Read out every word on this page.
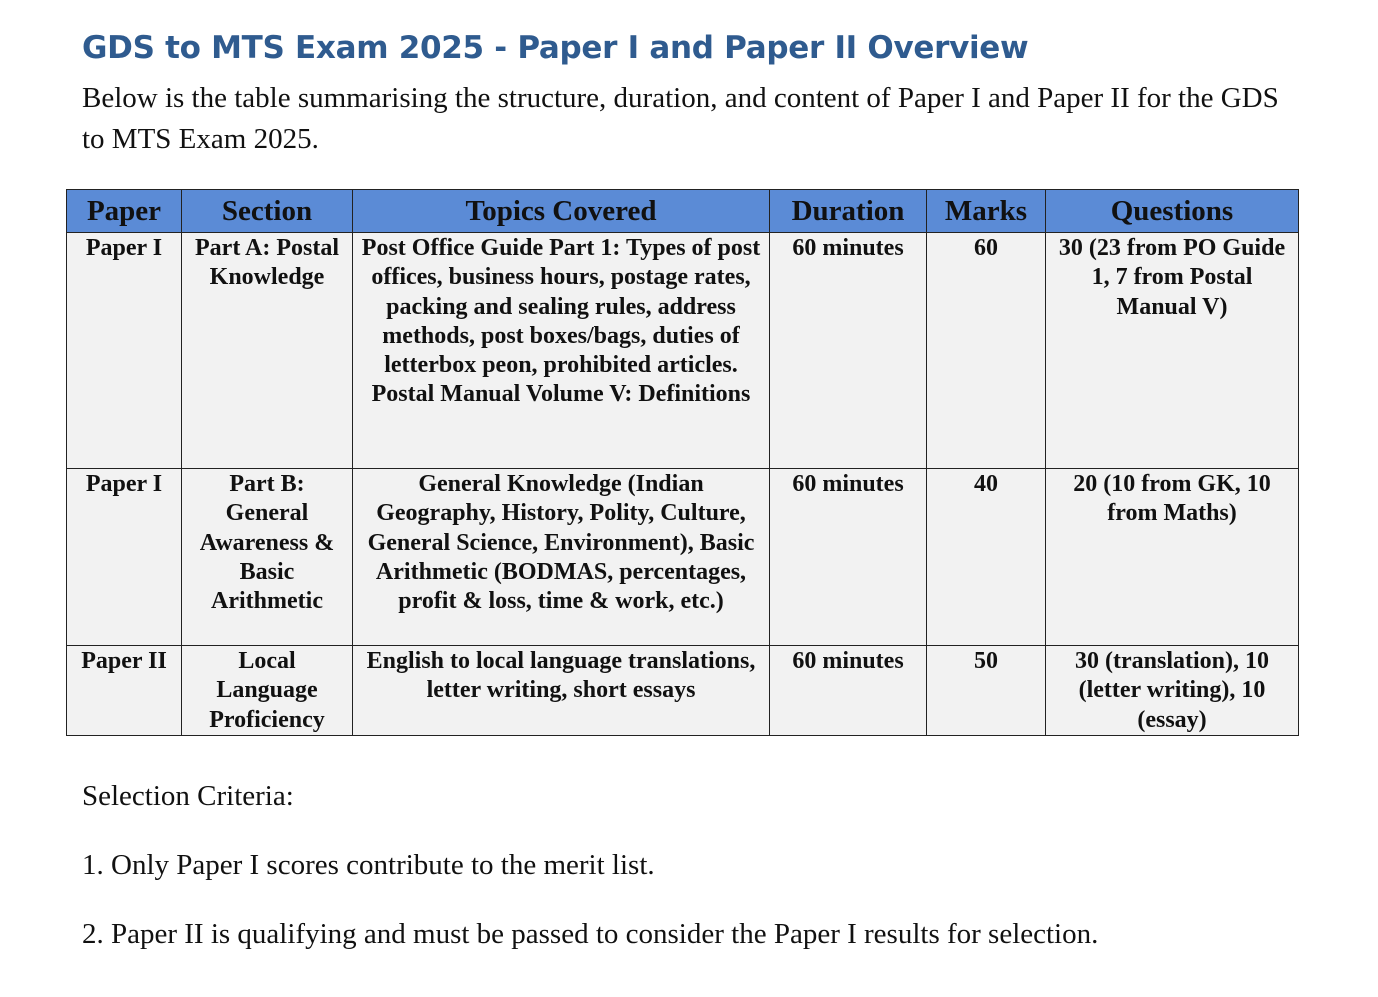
GDS to MTS Exam 2025 - Paper I and Paper II Overview

Below is the table summarising the structure, duration, and content of Paper I and Paper II for the GDS to MTS Exam 2025.

Paper	Section	Topics Covered	Duration	Marks	Questions
Paper I	Part A: Postal Knowledge	Post Office Guide Part 1: Types of post offices, business hours, postage rates, packing and sealing rules, address methods, post boxes/bags, duties of letterbox peon, prohibited articles. Postal Manual Volume V: Definitions	60 minutes	60	30 (23 from PO Guide 1, 7 from Postal Manual V)
Paper I	Part B: General Awareness & Basic Arithmetic	General Knowledge (Indian Geography, History, Polity, Culture, General Science, Environment), Basic Arithmetic (BODMAS, percentages, profit & loss, time & work, etc.)	60 minutes	40	20 (10 from GK, 10 from Maths)
Paper II	Local Language Proficiency	English to local language translations, letter writing, short essays	60 minutes	50	30 (translation), 10 (letter writing), 10 (essay)

Selection Criteria:

1. Only Paper I scores contribute to the merit list.

2. Paper II is qualifying and must be passed to consider the Paper I results for selection.
